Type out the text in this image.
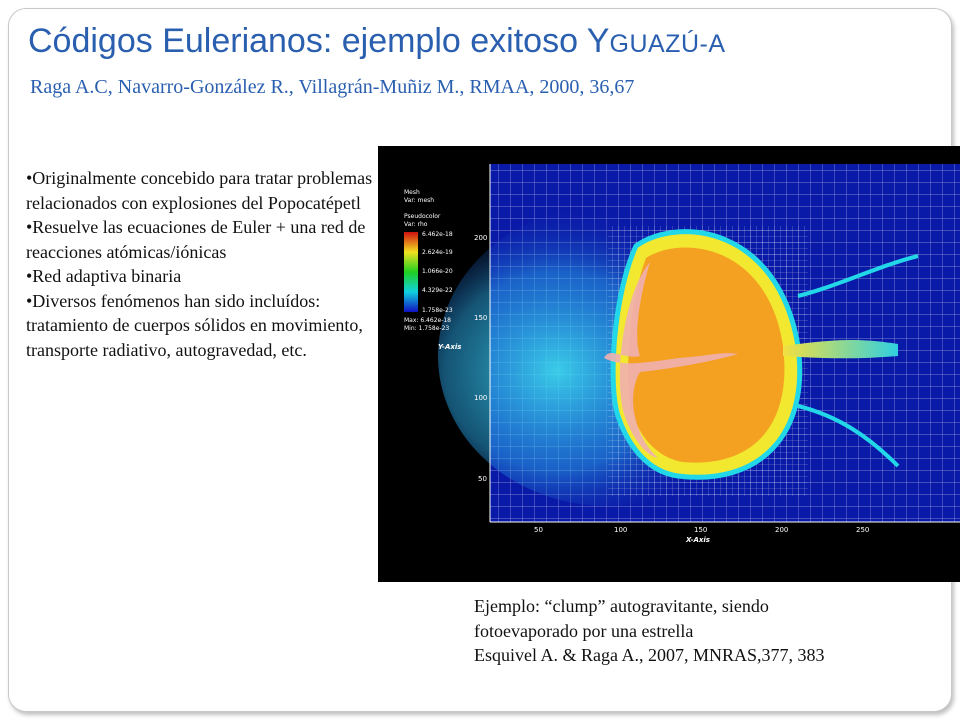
Códigos Eulerianos: ejemplo exitoso YGUAZÚ-A
Raga A.C, Navarro-González R., Villagrán-Muñiz M., RMAA, 2000, 36,67

•Originalmente concebido para tratar problemas relacionados con explosiones del Popocatépetl

•Resuelve las ecuaciones de Euler + una red de reacciones atómicas/iónicas

•Red adaptiva binaria

•Diversos fenómenos han sido incluídos: tratamiento de cuerpos sólidos en movimiento, transporte radiativo, autogravedad, etc.

Mesh
Var: mesh
Pseudocolor
Var: rho
6.462e-18
2.624e-19
1.066e-20
4.329e-22
1.758e-23
Max: 6.462e-18
Min: 1.758e-23
Y-Axis
200
150
100
50
50	100	150	200	250
X-Axis

Ejemplo: “clump” autogravitante, siendo

fotoevaporado por una estrella

Esquivel A. & Raga A., 2007, MNRAS,377, 383
